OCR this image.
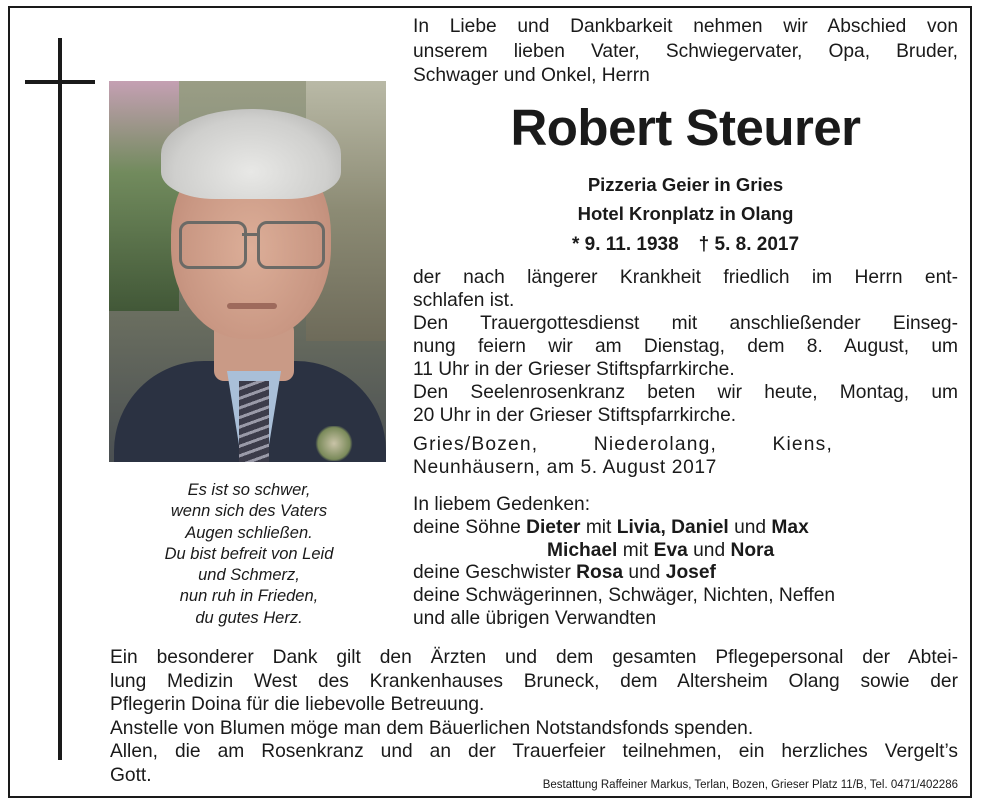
Es ist so schwer,
wenn sich des Vaters
Augen schließen.
Du bist befreit von Leid
und Schmerz,
nun ruh in Frieden,
du gutes Herz.
In Liebe und Dankbarkeit nehmen wir Abschied von
unserem lieben Vater, Schwiegervater, Opa, Bruder,
Schwager und Onkel, Herrn
Robert Steurer
Pizzeria Geier in Gries
Hotel Kronplatz in Olang
* 9. 11. 1938 † 5. 8. 2017
der nach längerer Krankheit friedlich im Herrn ent-
schlafen ist.
Den Trauergottesdienst mit anschließender Einseg-
nung feiern wir am Dienstag, dem 8. August, um
11 Uhr in der Grieser Stiftspfarrkirche.
Den Seelenrosenkranz beten wir heute, Montag, um
20 Uhr in der Grieser Stiftspfarrkirche.
Gries/Bozen, Niederolang, Kiens,
Neunhäusern, am 5. August 2017
In liebem Gedenken:
deine Söhne Dieter mit Livia, Daniel und Max
Michael mit Eva und Nora
deine Geschwister Rosa und Josef
deine Schwägerinnen, Schwäger, Nichten, Neffen
und alle übrigen Verwandten
Ein besonderer Dank gilt den Ärzten und dem gesamten Pflegepersonal der Abtei-
lung Medizin West des Krankenhauses Bruneck, dem Altersheim Olang sowie der
Pflegerin Doina für die liebevolle Betreuung.
Anstelle von Blumen möge man dem Bäuerlichen Notstandsfonds spenden.
Allen, die am Rosenkranz und an der Trauerfeier teilnehmen, ein herzliches Vergelt’s
Gott.	Bestattung Raffeiner Markus, Terlan, Bozen, Grieser Platz 11/B, Tel. 0471/402286
